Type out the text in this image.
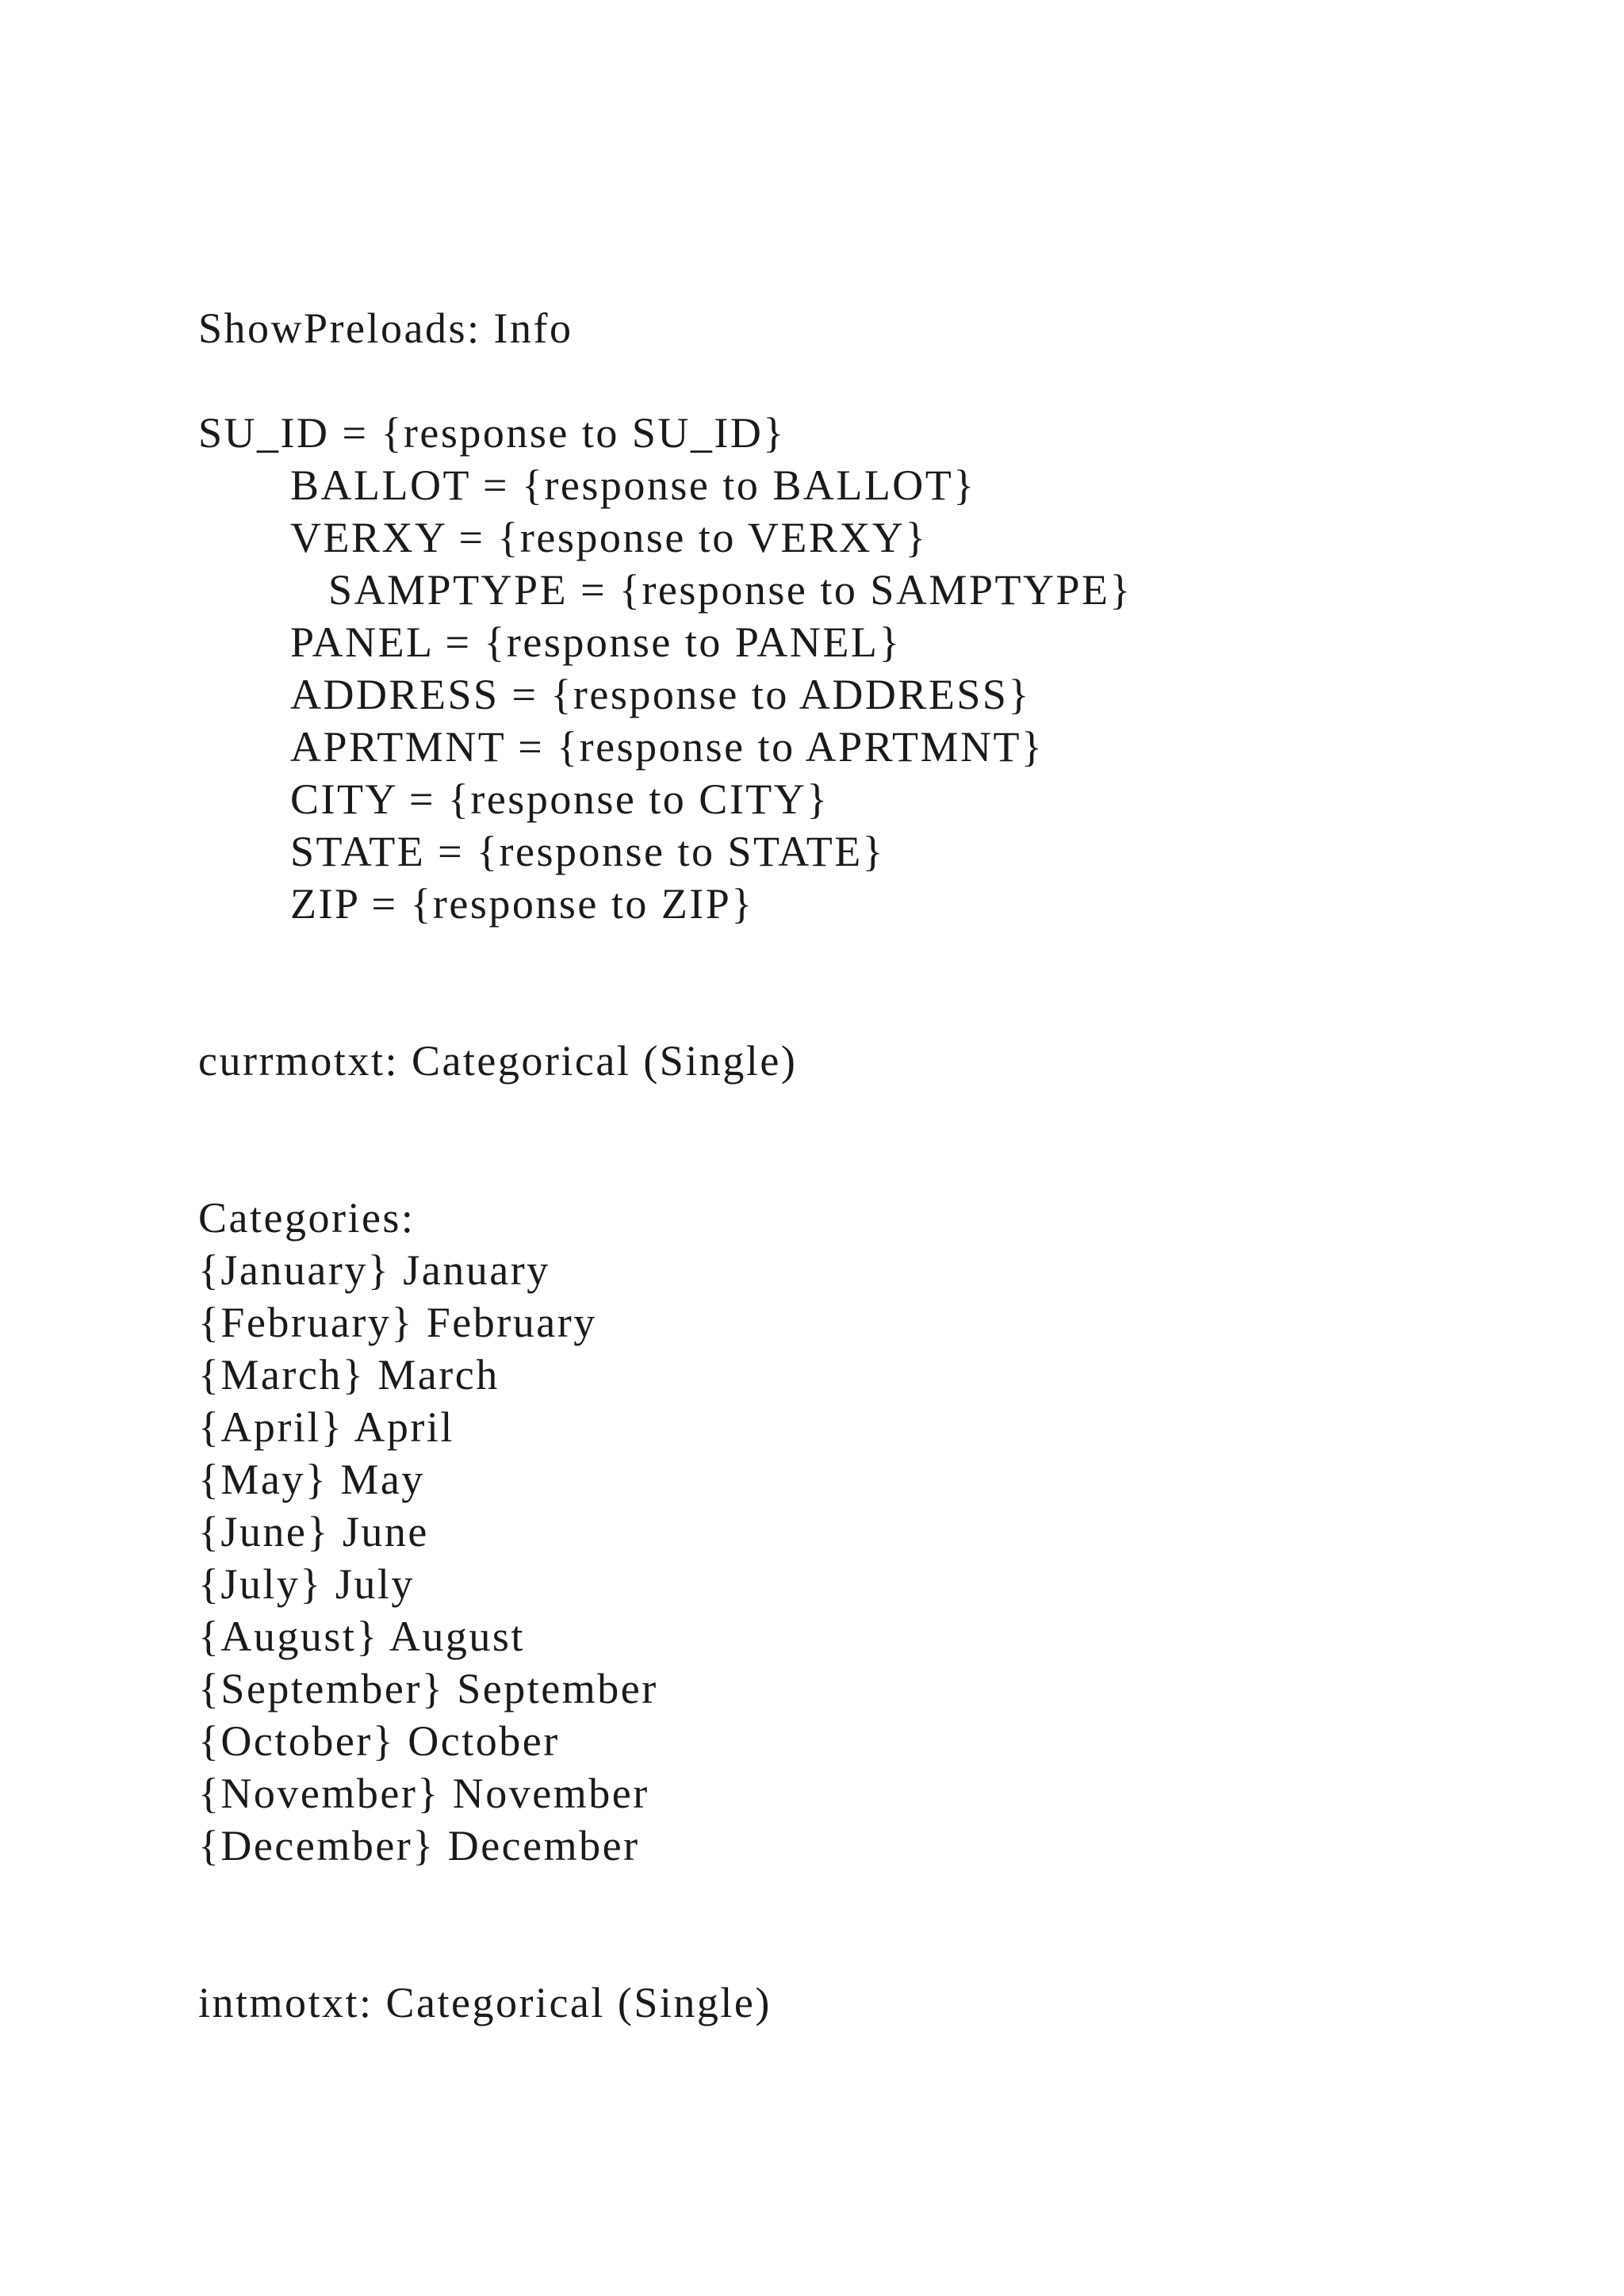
ShowPreloads: Info
SU_ID = {response to SU_ID}
BALLOT = {response to BALLOT}
VERXY = {response to VERXY}
SAMPTYPE = {response to SAMPTYPE}
PANEL = {response to PANEL}
ADDRESS = {response to ADDRESS}
APRTMNT = {response to APRTMNT}
CITY = {response to CITY}
STATE = {response to STATE}
ZIP = {response to ZIP}
currmotxt: Categorical (Single)
Categories:
{January} January
{February} February
{March} March
{April} April
{May} May
{June} June
{July} July
{August} August
{September} September
{October} October
{November} November
{December} December
intmotxt: Categorical (Single)
